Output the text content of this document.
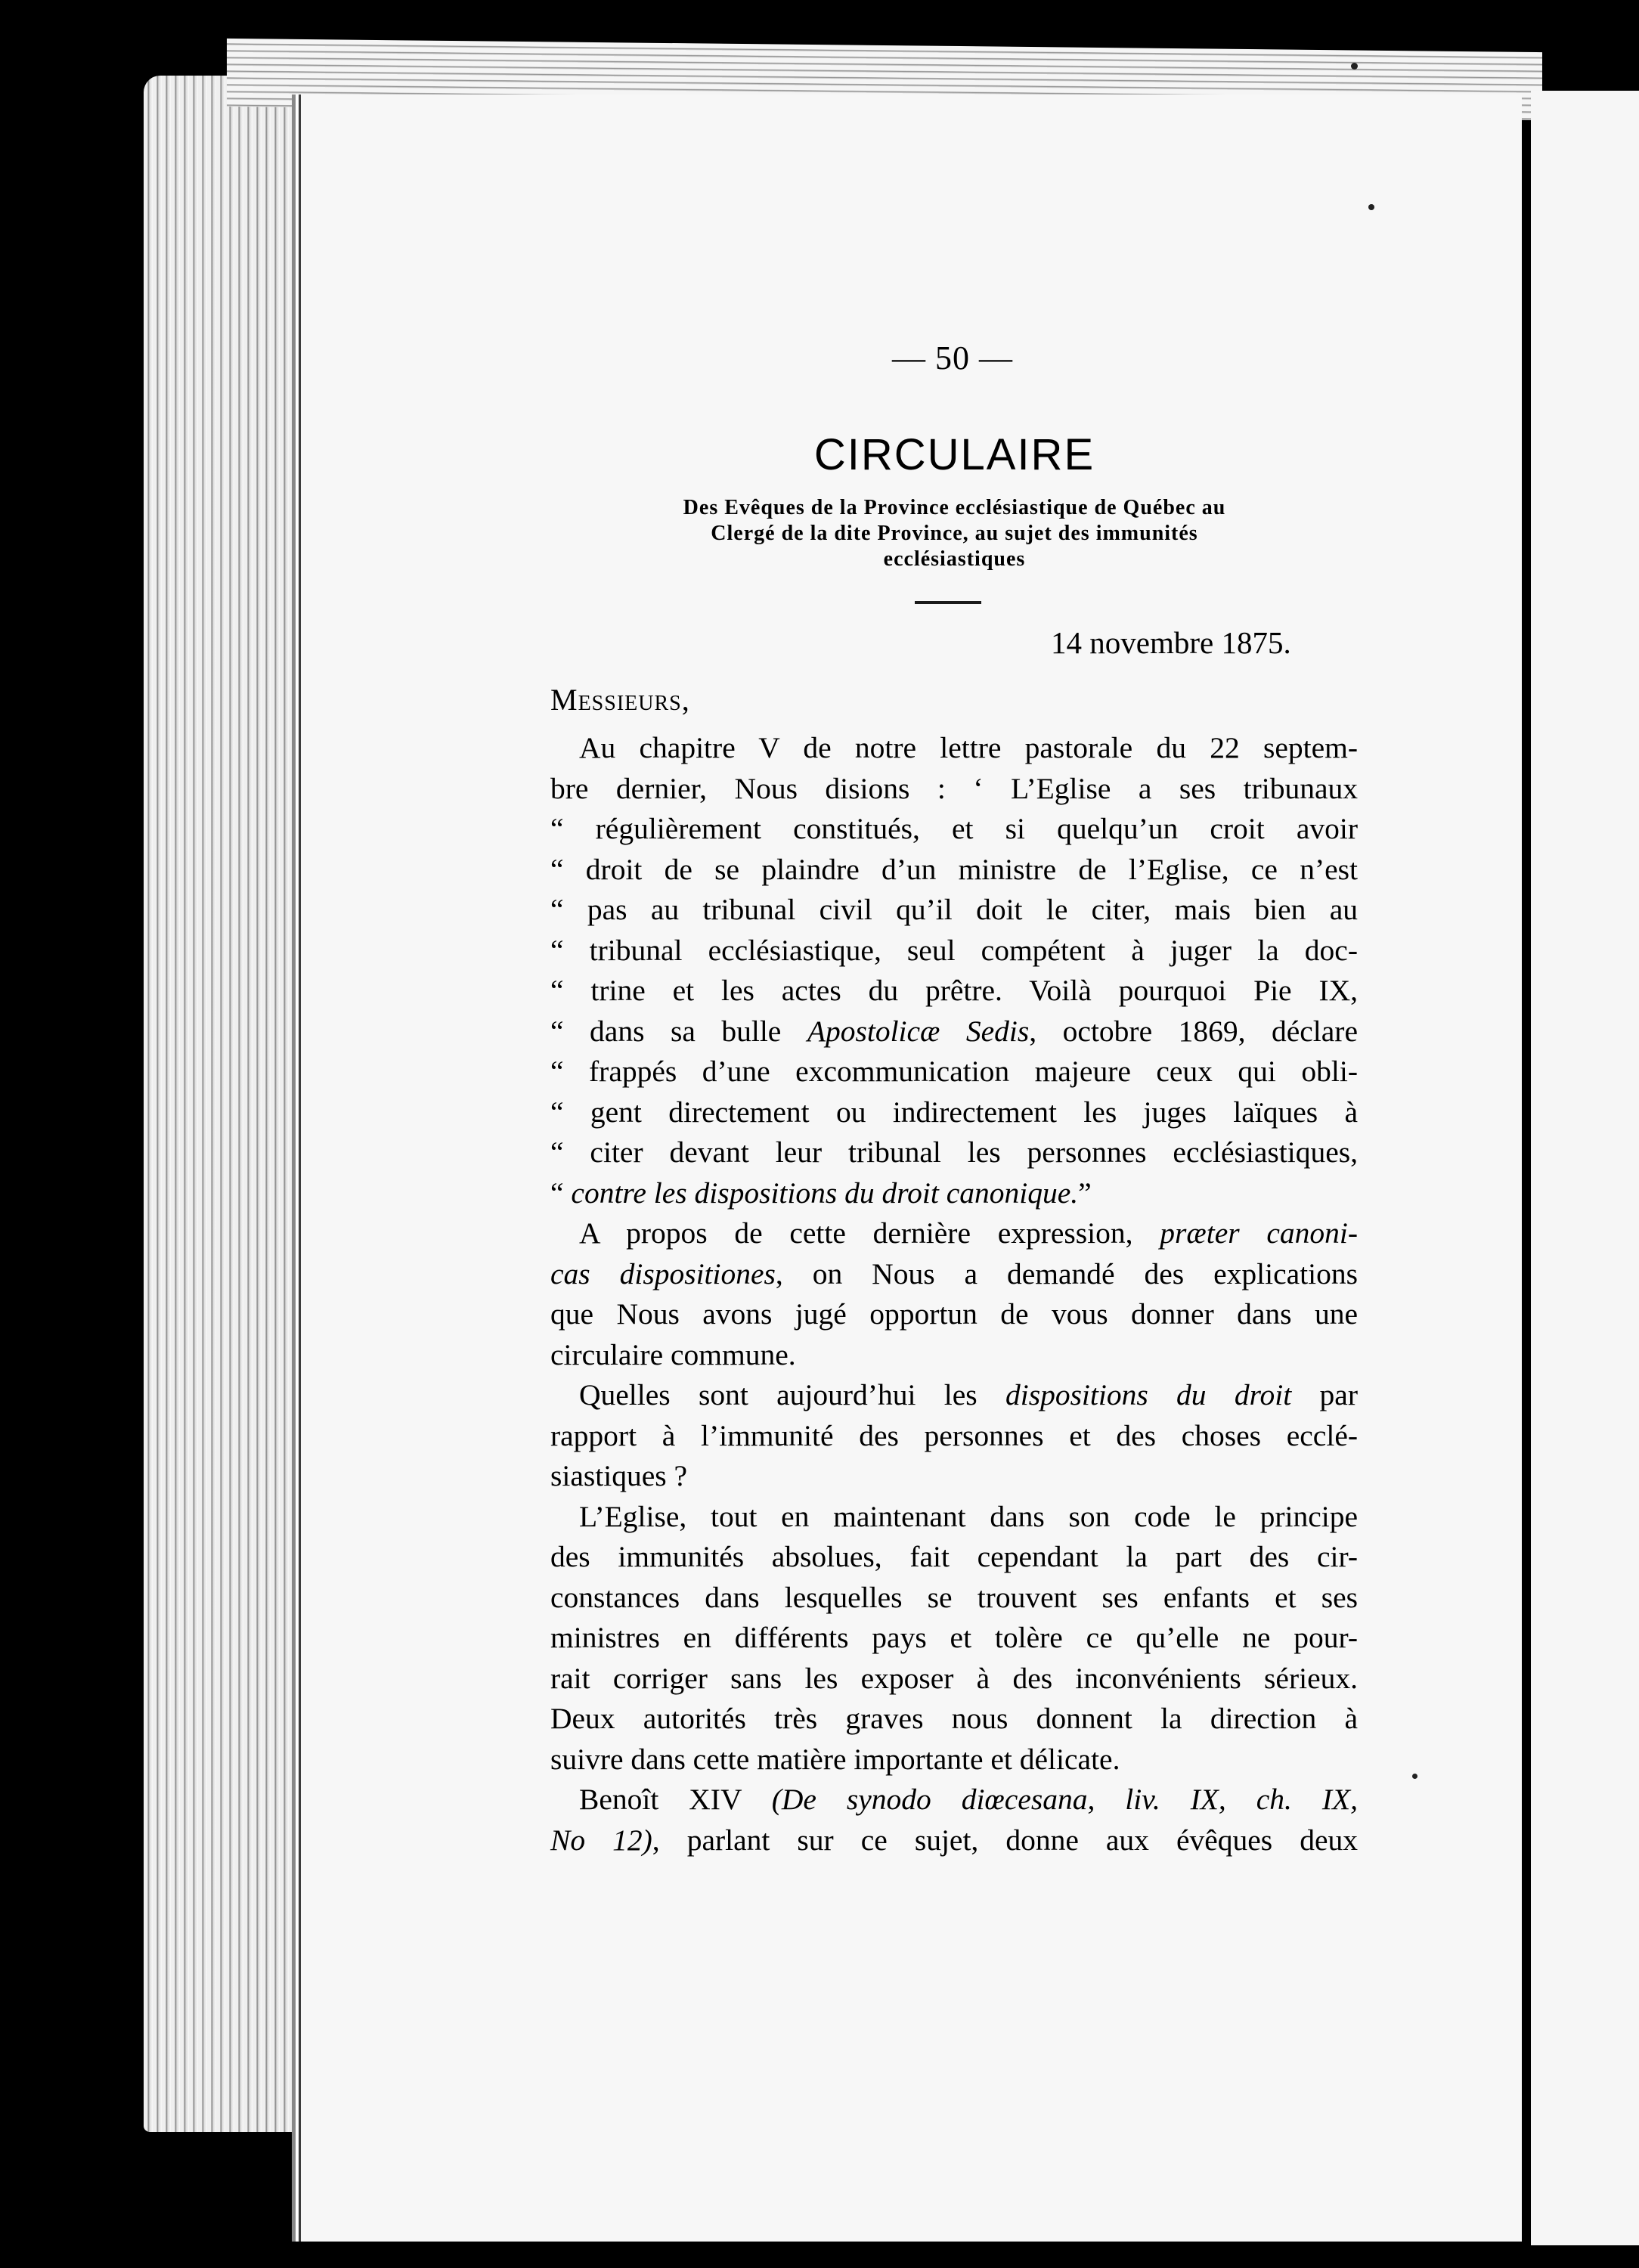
— 50 —
CIRCULAIRE
Des Evêques de la Province ecclésiastique de Québec au
Clergé de la dite Province, au sujet des immunités
ecclésiastiques
14 novembre 1875.
Messieurs,
Au chapitre V de notre lettre pastorale du 22 septem-
bre dernier, Nous disions : ‘ L’Eglise a ses tribunaux
“ régulièrement constitués, et si quelqu’un croit avoir
“ droit de se plaindre d’un ministre de l’Eglise, ce n’est
“ pas au tribunal civil qu’il doit le citer, mais bien au
“ tribunal ecclésiastique, seul compétent à juger la doc-
“ trine et les actes du prêtre. Voilà pourquoi Pie IX,
“ dans sa bulle Apostolicæ Sedis, octobre 1869, déclare
“ frappés d’une excommunication majeure ceux qui obli-
“ gent directement ou indirectement les juges laïques à
“ citer devant leur tribunal les personnes ecclésiastiques,
“ contre les dispositions du droit canonique.”
A propos de cette dernière expression, præter canoni-
cas dispositiones, on Nous a demandé des explications
que Nous avons jugé opportun de vous donner dans une
circulaire commune.
Quelles sont aujourd’hui les dispositions du droit par
rapport à l’immunité des personnes et des choses ecclé-
siastiques ?
L’Eglise, tout en maintenant dans son code le principe
des immunités absolues, fait cependant la part des cir-
constances dans lesquelles se trouvent ses enfants et ses
ministres en différents pays et tolère ce qu’elle ne pour-
rait corriger sans les exposer à des inconvénients sérieux.
Deux autorités très graves nous donnent la direction à
suivre dans cette matière importante et délicate.
Benoît XIV (De synodo diœcesana, liv. IX, ch. IX,
No 12), parlant sur ce sujet, donne aux évêques deux
